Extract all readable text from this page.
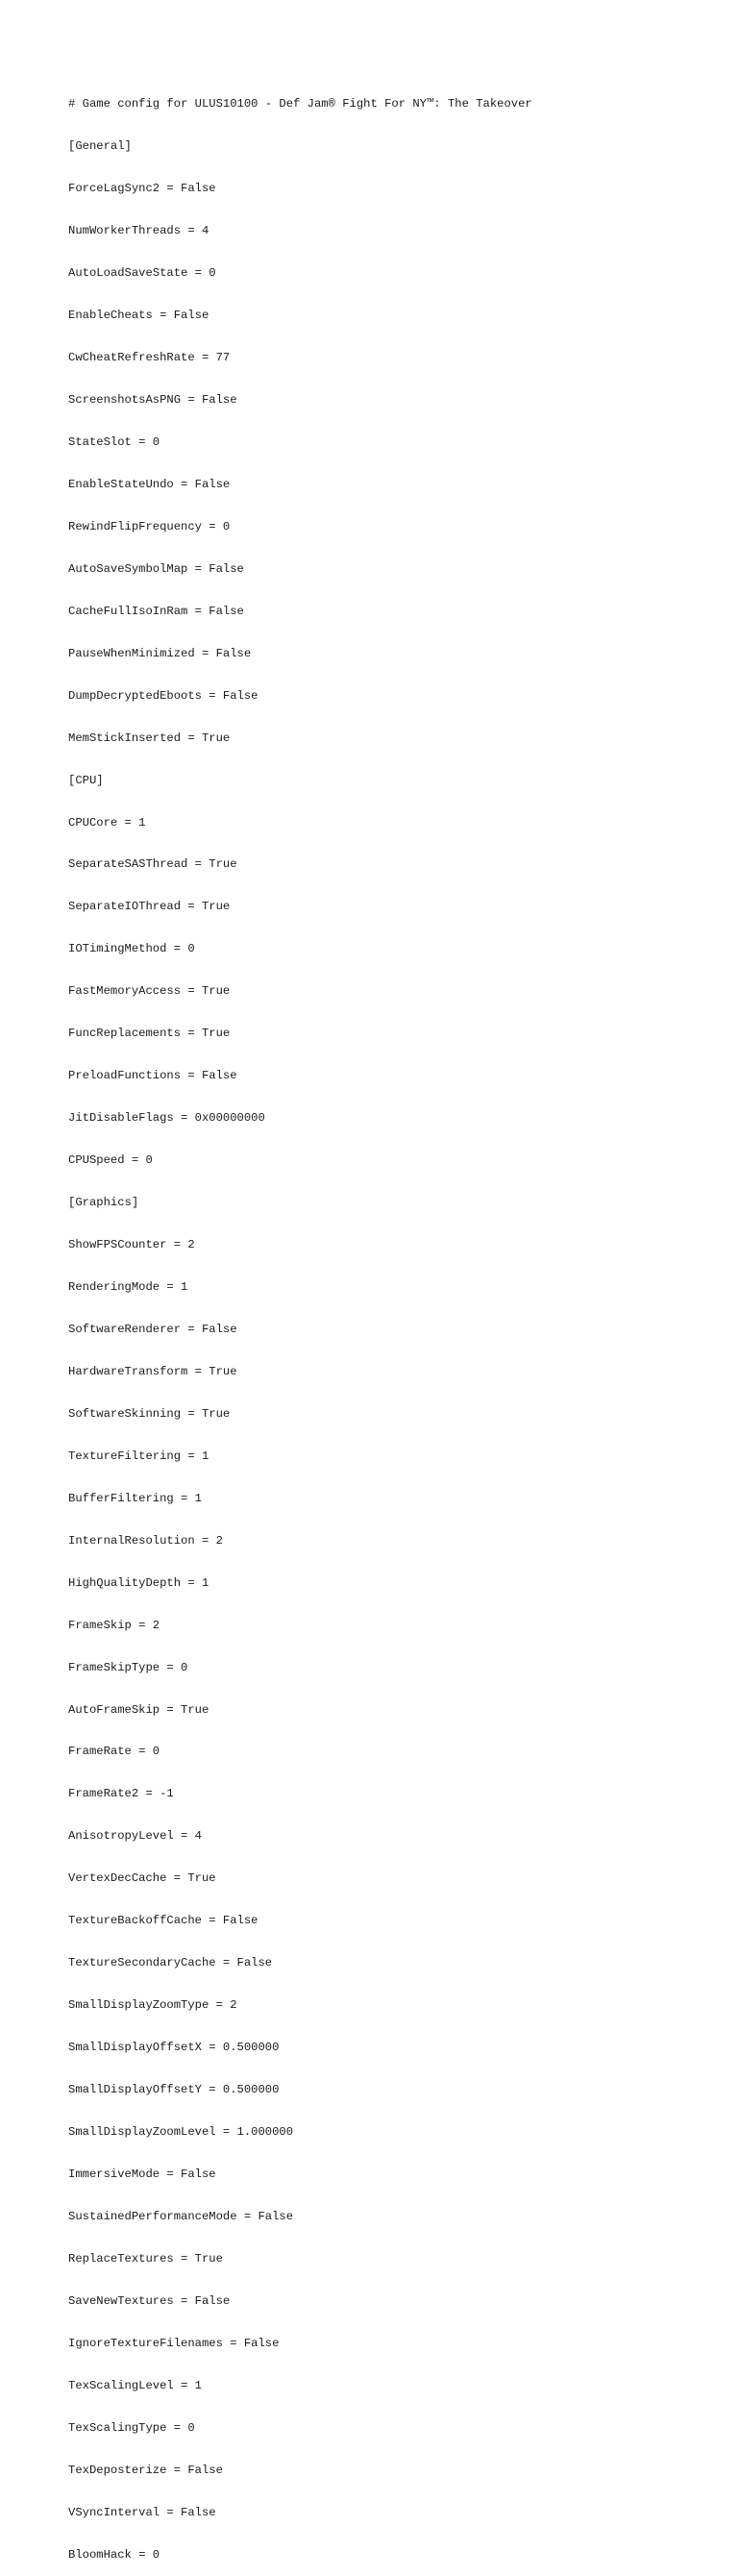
# Game config for ULUS10100 - Def Jam® Fight For NY™: The Takeover

[General]

ForceLagSync2 = False

NumWorkerThreads = 4

AutoLoadSaveState = 0

EnableCheats = False

CwCheatRefreshRate = 77

ScreenshotsAsPNG = False

StateSlot = 0

EnableStateUndo = False

RewindFlipFrequency = 0

AutoSaveSymbolMap = False

CacheFullIsoInRam = False

PauseWhenMinimized = False

DumpDecryptedEboots = False

MemStickInserted = True

[CPU]

CPUCore = 1

SeparateSASThread = True

SeparateIOThread = True

IOTimingMethod = 0

FastMemoryAccess = True

FuncReplacements = True

PreloadFunctions = False

JitDisableFlags = 0x00000000

CPUSpeed = 0

[Graphics]

ShowFPSCounter = 2

RenderingMode = 1

SoftwareRenderer = False

HardwareTransform = True

SoftwareSkinning = True

TextureFiltering = 1

BufferFiltering = 1

InternalResolution = 2

HighQualityDepth = 1

FrameSkip = 2

FrameSkipType = 0

AutoFrameSkip = True

FrameRate = 0

FrameRate2 = -1

AnisotropyLevel = 4

VertexDecCache = True

TextureBackoffCache = False

TextureSecondaryCache = False

SmallDisplayZoomType = 2

SmallDisplayOffsetX = 0.500000

SmallDisplayOffsetY = 0.500000

SmallDisplayZoomLevel = 1.000000

ImmersiveMode = False

SustainedPerformanceMode = False

ReplaceTextures = True

SaveNewTextures = False

IgnoreTextureFilenames = False

TexScalingLevel = 1

TexScalingType = 0

TexDeposterize = False

VSyncInterval = False

BloomHack = 0
